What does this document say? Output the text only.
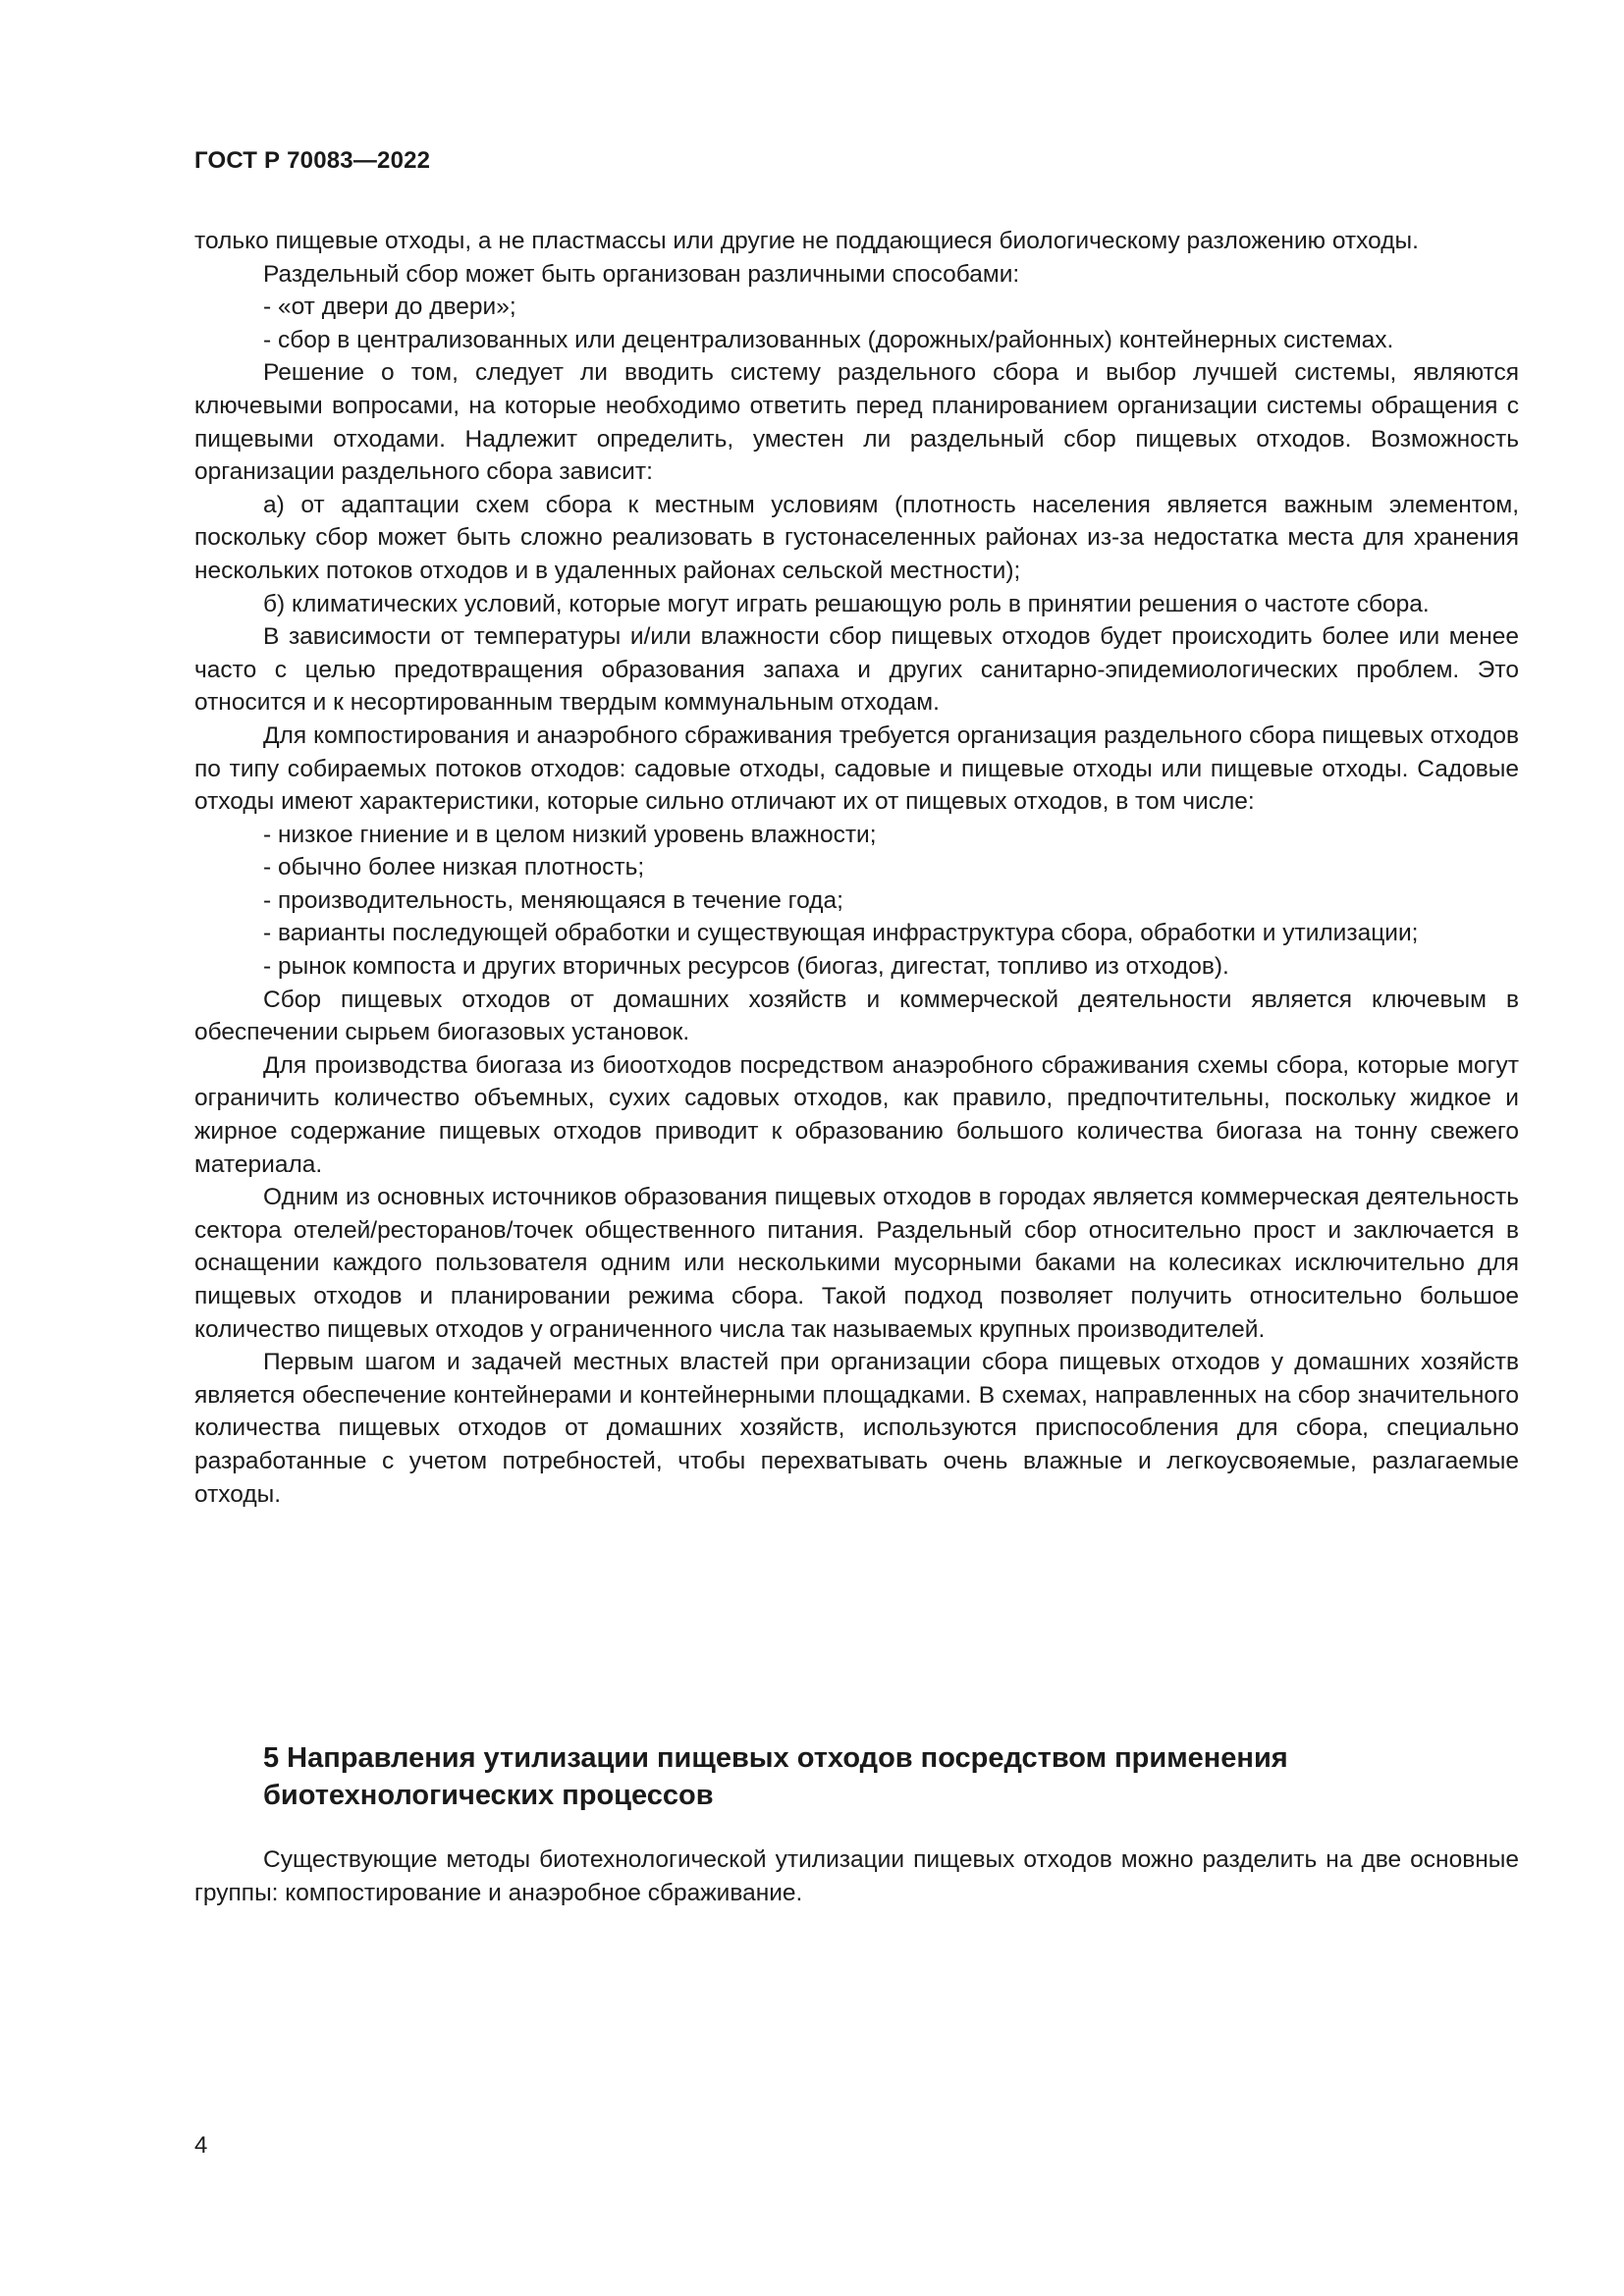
ГОСТ Р 70083—2022

только пищевые отходы, а не пластмассы или другие не поддающиеся биологическому разложению отходы.

Раздельный сбор может быть организован различными способами:

- «от двери до двери»;

- сбор в централизованных или децентрализованных (дорожных/районных) контейнерных системах.

Решение о том, следует ли вводить систему раздельного сбора и выбор лучшей системы, являются ключевыми вопросами, на которые необходимо ответить перед планированием организации системы обращения с пищевыми отходами. Надлежит определить, уместен ли раздельный сбор пищевых отходов. Возможность организации раздельного сбора зависит:

а) от адаптации схем сбора к местным условиям (плотность населения является важным элементом, поскольку сбор может быть сложно реализовать в густонаселенных районах из-за недостатка места для хранения нескольких потоков отходов и в удаленных районах сельской местности);

б) климатических условий, которые могут играть решающую роль в принятии решения о частоте сбора.

В зависимости от температуры и/или влажности сбор пищевых отходов будет происходить более или менее часто с целью предотвращения образования запаха и других санитарно-эпидемиологических проблем. Это относится и к несортированным твердым коммунальным отходам.

Для компостирования и анаэробного сбраживания требуется организация раздельного сбора пищевых отходов по типу собираемых потоков отходов: садовые отходы, садовые и пищевые отходы или пищевые отходы. Садовые отходы имеют характеристики, которые сильно отличают их от пищевых отходов, в том числе:

- низкое гниение и в целом низкий уровень влажности;

- обычно более низкая плотность;

- производительность, меняющаяся в течение года;

- варианты последующей обработки и существующая инфраструктура сбора, обработки и утилизации;

- рынок компоста и других вторичных ресурсов (биогаз, дигестат, топливо из отходов).

Сбор пищевых отходов от домашних хозяйств и коммерческой деятельности является ключевым в обеспечении сырьем биогазовых установок.

Для производства биогаза из биоотходов посредством анаэробного сбраживания схемы сбора, которые могут ограничить количество объемных, сухих садовых отходов, как правило, предпочтительны, поскольку жидкое и жирное содержание пищевых отходов приводит к образованию большого количества биогаза на тонну свежего материала.

Одним из основных источников образования пищевых отходов в городах является коммерческая деятельность сектора отелей/ресторанов/точек общественного питания. Раздельный сбор относительно прост и заключается в оснащении каждого пользователя одним или несколькими мусорными баками на колесиках исключительно для пищевых отходов и планировании режима сбора. Такой подход позволяет получить относительно большое количество пищевых отходов у ограниченного числа так называемых крупных производителей.

Первым шагом и задачей местных властей при организации сбора пищевых отходов у домашних хозяйств является обеспечение контейнерами и контейнерными площадками. В схемах, направленных на сбор значительного количества пищевых отходов от домашних хозяйств, используются приспособления для сбора, специально разработанные с учетом потребностей, чтобы перехватывать очень влажные и легкоусвояемые, разлагаемые отходы.

5 Направления утилизации пищевых отходов посредством применения биотехнологических процессов

Существующие методы биотехнологической утилизации пищевых отходов можно разделить на две основные группы: компостирование и анаэробное сбраживание.

4
